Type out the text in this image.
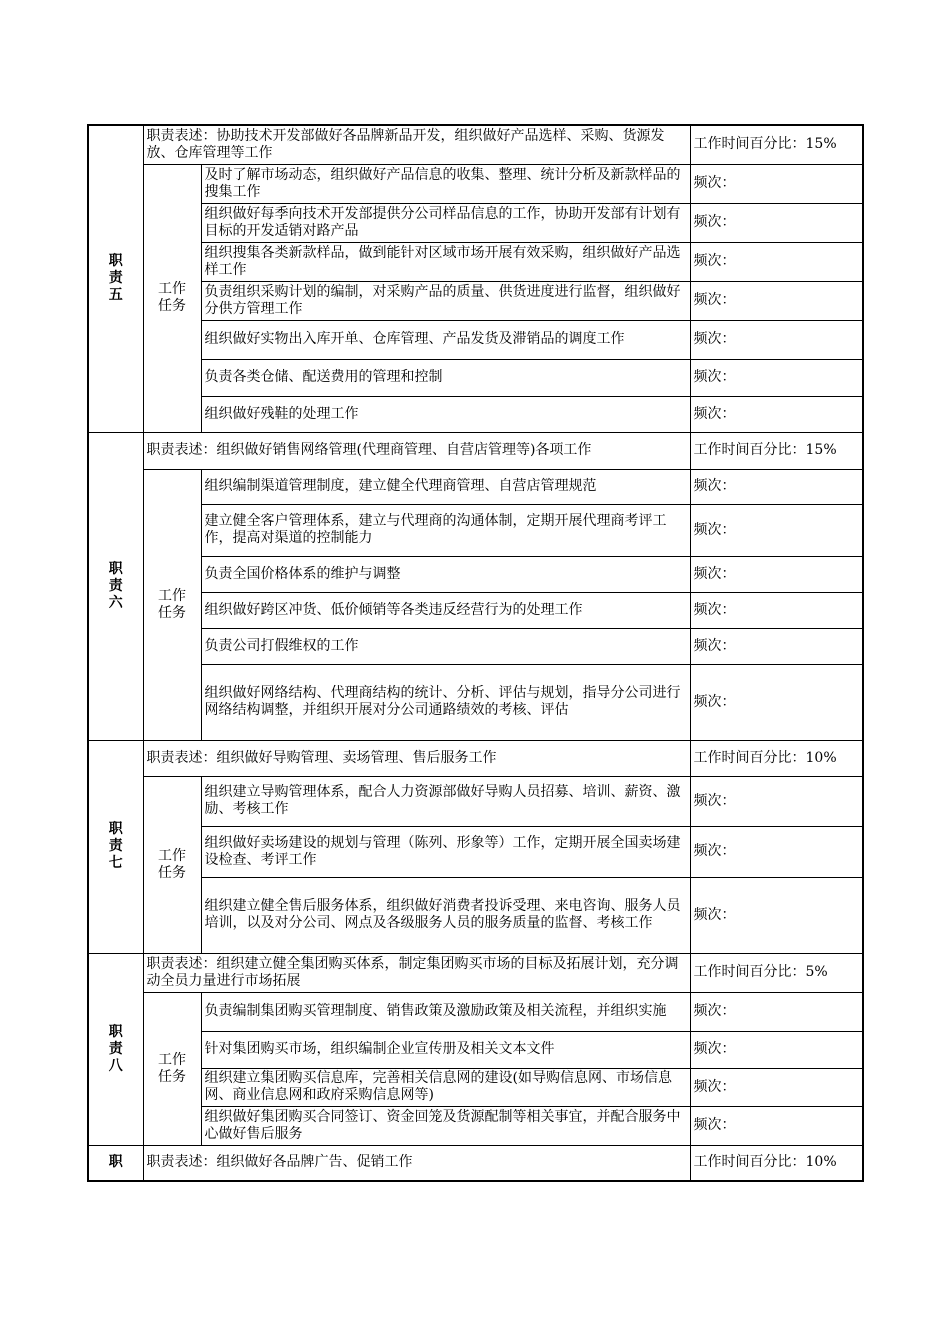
职责五	职责表述：协助技术开发部做好各品牌新品开发，组织做好产品选样、采购、货源发放、仓库管理等工作		工作时间百分比：15%
	工作任务	及时了解市场动态，组织做好产品信息的收集、整理、统计分析及新款样品的搜集工作	频次：
		组织做好每季向技术开发部提供分公司样品信息的工作，协助开发部有计划有目标的开发适销对路产品	频次：
		组织搜集各类新款样品，做到能针对区域市场开展有效采购，组织做好产品选样工作	频次：
		负责组织采购计划的编制，对采购产品的质量、供货进度进行监督，组织做好分供方管理工作	频次：
		组织做好实物出入库开单、仓库管理、产品发货及滞销品的调度工作	频次：
		负责各类仓储、配送费用的管理和控制	频次：
		组织做好残鞋的处理工作	频次：
职责六	职责表述：组织做好销售网络管理(代理商管理、自营店管理等)各项工作		工作时间百分比：15%
	工作任务	组织编制渠道管理制度，建立健全代理商管理、自营店管理规范	频次：
		建立健全客户管理体系，建立与代理商的沟通体制，定期开展代理商考评工作，提高对渠道的控制能力	频次：
		负责全国价格体系的维护与调整	频次：
		组织做好跨区冲货、低价倾销等各类违反经营行为的处理工作	频次：
		负责公司打假维权的工作	频次：
		组织做好网络结构、代理商结构的统计、分析、评估与规划，指导分公司进行网络结构调整，并组织开展对分公司通路绩效的考核、评估	频次：
职责七	职责表述：组织做好导购管理、卖场管理、售后服务工作		工作时间百分比：10%
	工作任务	组织建立导购管理体系，配合人力资源部做好导购人员招募、培训、薪资、激励、考核工作	频次：
		组织做好卖场建设的规划与管理（陈列、形象等）工作，定期开展全国卖场建设检查、考评工作	频次：
		组织建立健全售后服务体系，组织做好消费者投诉受理、来电咨询、服务人员培训，以及对分公司、网点及各级服务人员的服务质量的监督、考核工作	频次：
职责八	职责表述：组织建立健全集团购买体系，制定集团购买市场的目标及拓展计划，充分调动全员力量进行市场拓展		工作时间百分比：5%
	工作任务	负责编制集团购买管理制度、销售政策及激励政策及相关流程，并组织实施	频次：
		针对集团购买市场，组织编制企业宣传册及相关文本文件	频次：
		组织建立集团购买信息库，完善相关信息网的建设(如导购信息网、市场信息网、商业信息网和政府采购信息网等)	频次：
		组织做好集团购买合同签订、资金回笼及货源配制等相关事宜，并配合服务中心做好售后服务	频次：
职	职责表述：组织做好各品牌广告、促销工作		工作时间百分比：10%
